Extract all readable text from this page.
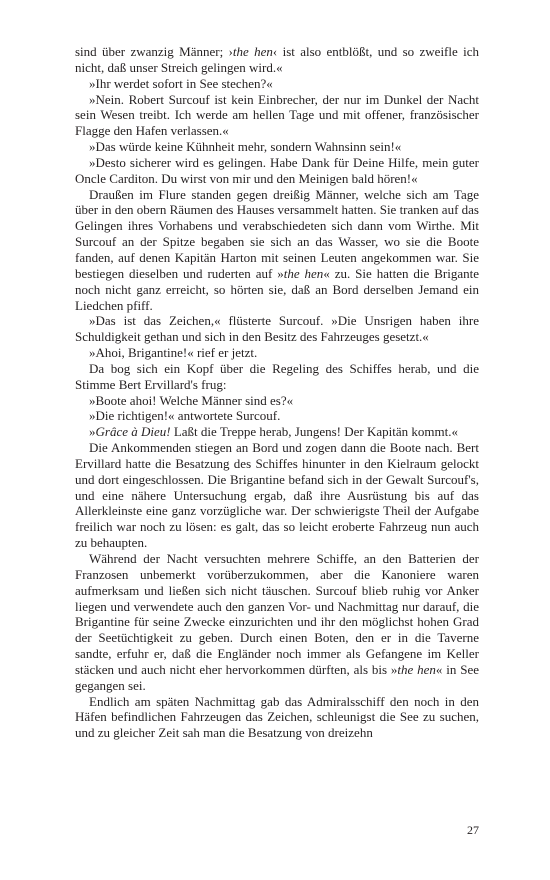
sind über zwanzig Männer; ›the hen‹ ist also entblößt, und so zweifle ich nicht, daß unser Streich gelingen wird.«

»Ihr werdet sofort in See stechen?«

»Nein. Robert Surcouf ist kein Einbrecher, der nur im Dunkel der Nacht sein Wesen treibt. Ich werde am hellen Tage und mit offener, französischer Flagge den Hafen verlassen.«

»Das würde keine Kühnheit mehr, sondern Wahnsinn sein!«

»Desto sicherer wird es gelingen. Habe Dank für Deine Hilfe, mein guter Oncle Carditon. Du wirst von mir und den Meinigen bald hören!«

Draußen im Flure standen gegen dreißig Männer, welche sich am Tage über in den obern Räumen des Hauses versammelt hatten. Sie tranken auf das Gelingen ihres Vorhabens und verabschiedeten sich dann vom Wirthe. Mit Surcouf an der Spitze begaben sie sich an das Wasser, wo sie die Boote fanden, auf denen Kapitän Harton mit seinen Leuten angekommen war. Sie bestiegen dieselben und ruderten auf »the hen« zu. Sie hatten die Brigante noch nicht ganz erreicht, so hörten sie, daß an Bord derselben Jemand ein Liedchen pfiff.

»Das ist das Zeichen,« flüsterte Surcouf. »Die Unsrigen haben ihre Schuldigkeit gethan und sich in den Besitz des Fahrzeuges gesetzt.«

»Ahoi, Brigantine!« rief er jetzt.

Da bog sich ein Kopf über die Regeling des Schiffes herab, und die Stimme Bert Ervillard's frug:

»Boote ahoi! Welche Männer sind es?«

»Die richtigen!« antwortete Surcouf.

»Grâce à Dieu! Laßt die Treppe herab, Jungens! Der Kapitän kommt.«

Die Ankommenden stiegen an Bord und zogen dann die Boote nach. Bert Ervillard hatte die Besatzung des Schiffes hinunter in den Kielraum gelockt und dort eingeschlossen. Die Brigantine befand sich in der Gewalt Surcouf's, und eine nähere Untersuchung ergab, daß ihre Ausrüstung bis auf das Allerkleinste eine ganz vorzügliche war. Der schwierigste Theil der Aufgabe freilich war noch zu lösen: es galt, das so leicht eroberte Fahrzeug nun auch zu behaupten.

Während der Nacht versuchten mehrere Schiffe, an den Batterien der Franzosen unbemerkt vorüberzukommen, aber die Kanoniere waren aufmerksam und ließen sich nicht täuschen. Surcouf blieb ruhig vor Anker liegen und verwendete auch den ganzen Vor- und Nachmittag nur darauf, die Brigantine für seine Zwecke einzurichten und ihr den möglichst hohen Grad der Seetüchtigkeit zu geben. Durch einen Boten, den er in die Taverne sandte, erfuhr er, daß die Engländer noch immer als Gefangene im Keller stäcken und auch nicht eher hervorkommen dürften, als bis »the hen« in See gegangen sei.

Endlich am späten Nachmittag gab das Admiralsschiff den noch in den Häfen befindlichen Fahrzeugen das Zeichen, schleunigst die See zu suchen, und zu gleicher Zeit sah man die Besatzung von dreizehn

27
